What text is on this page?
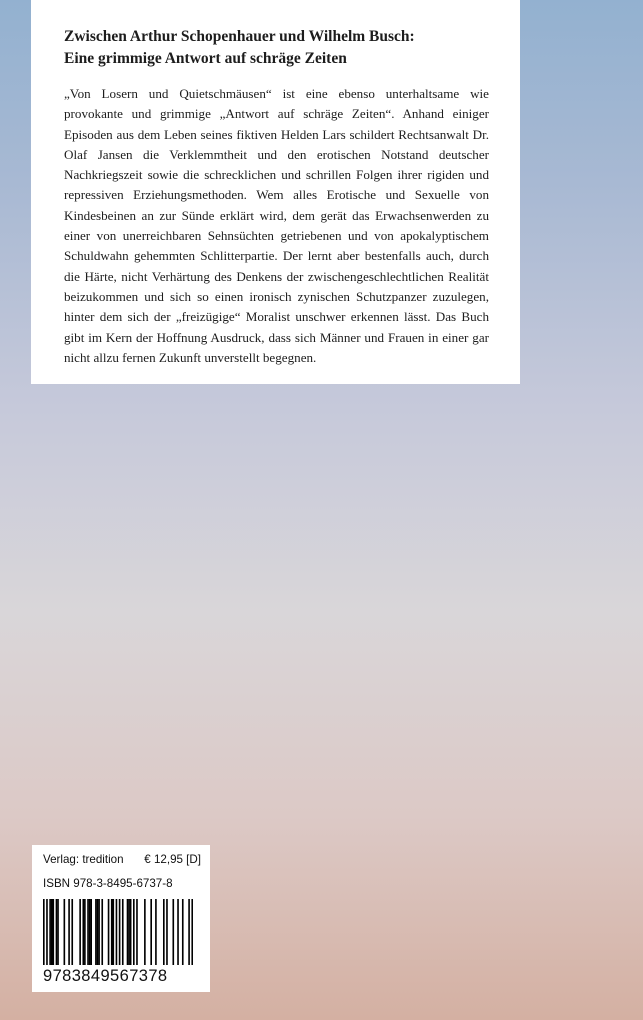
Zwischen Arthur Schopenhauer und Wilhelm Busch:
Eine grimmige Antwort auf schräge Zeiten

„Von Losern und Quietschmäusen“ ist eine ebenso unterhaltsame wie provokante und grimmige „Antwort auf schräge Zeiten“. Anhand einiger Episoden aus dem Leben seines fiktiven Helden Lars schildert Rechtsanwalt Dr. Olaf Jansen die Verklemmtheit und den erotischen Notstand deutscher Nachkriegszeit sowie die schrecklichen und schrillen Folgen ihrer rigiden und repressiven Erziehungsmethoden. Wem alles Erotische und Sexuelle von Kindesbeinen an zur Sünde erklärt wird, dem gerät das Erwachsenwerden zu einer von unerreichbaren Sehnsüchten getriebenen und von apokalyptischem Schuldwahn gehemmten Schlitterpartie. Der lernt aber bestenfalls auch, durch die Härte, nicht Verhärtung des Denkens der zwischengeschlechtlichen Realität beizukommen und sich so einen ironisch zynischen Schutzpanzer zuzulegen, hinter dem sich der „freizügige“ Moralist unschwer erkennen lässt. Das Buch gibt im Kern der Hoffnung Ausdruck, dass sich Männer und Frauen in einer gar nicht allzu fernen Zukunft unverstellt begegnen.

Verlag: tredition € 12,95 [D]
ISBN 978-3-8495-6737-8
9783849567378
